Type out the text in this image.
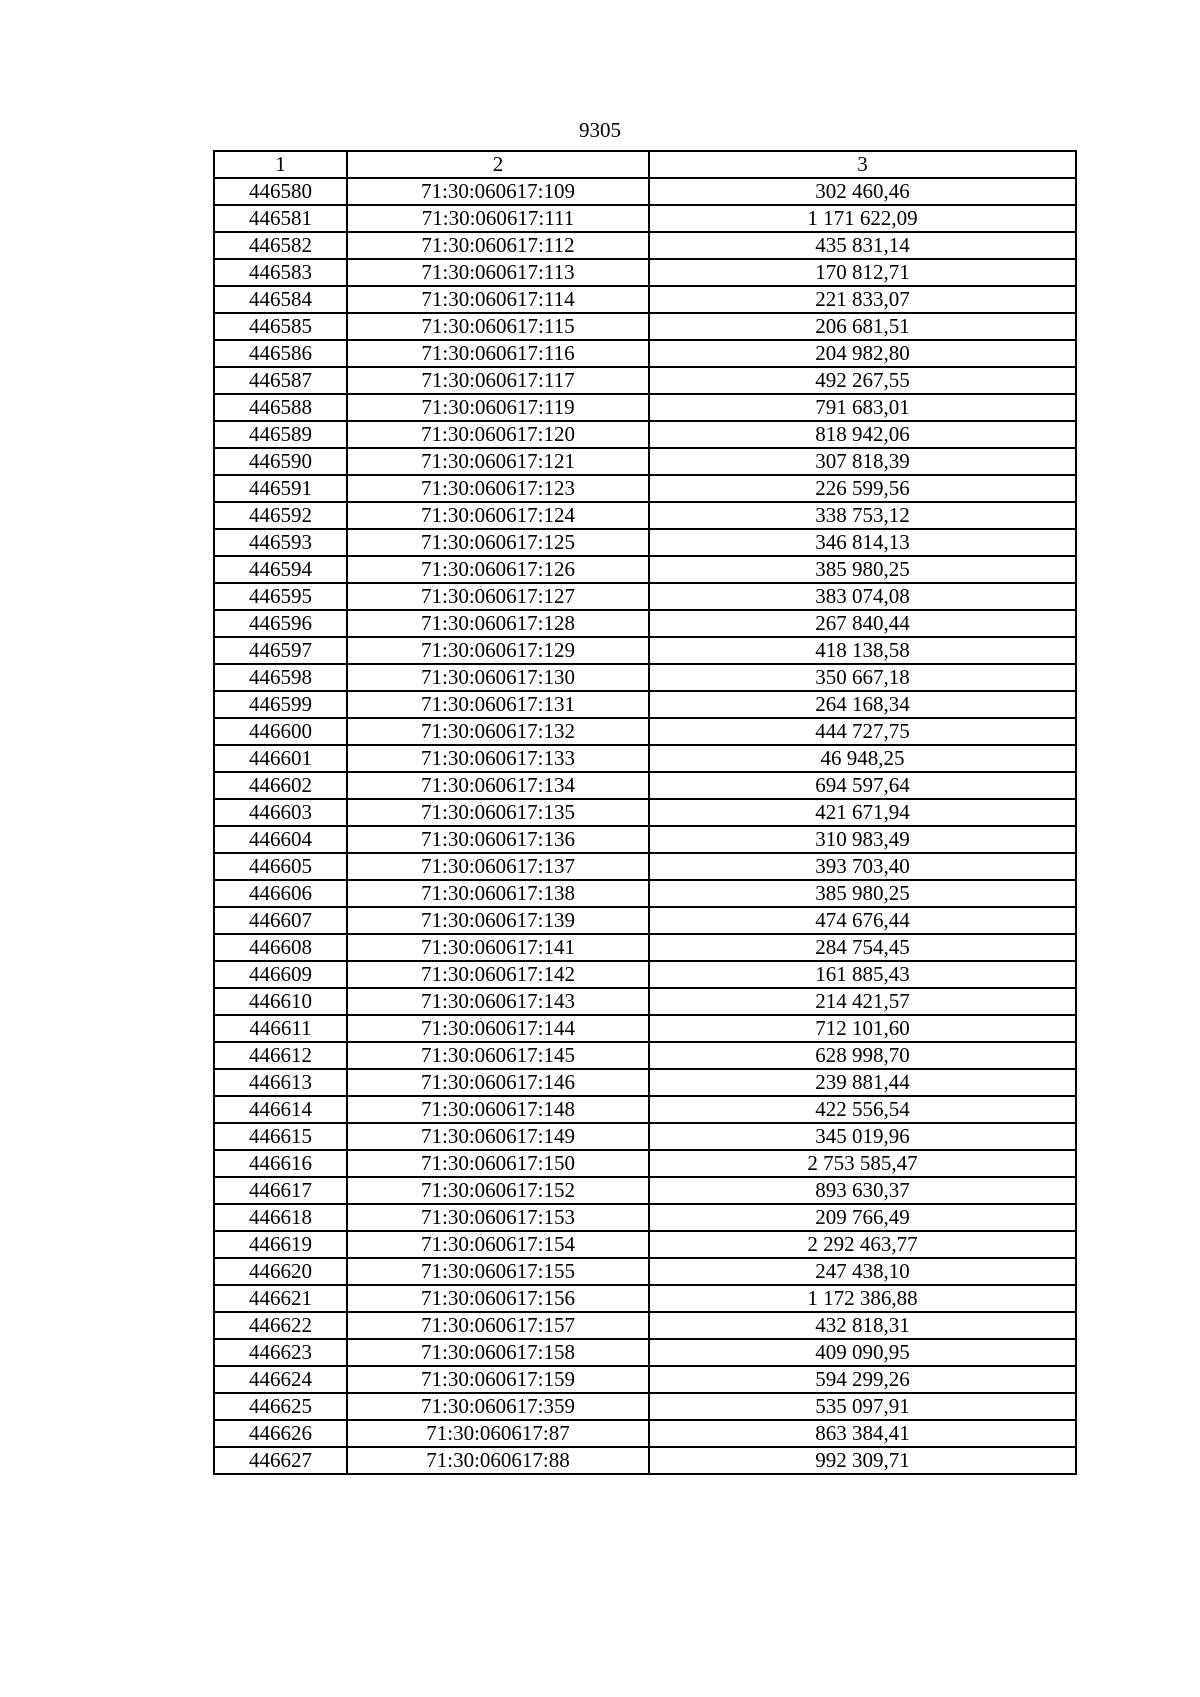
9305
1	2	3
446580	71:30:060617:109	302 460,46
446581	71:30:060617:111	1 171 622,09
446582	71:30:060617:112	435 831,14
446583	71:30:060617:113	170 812,71
446584	71:30:060617:114	221 833,07
446585	71:30:060617:115	206 681,51
446586	71:30:060617:116	204 982,80
446587	71:30:060617:117	492 267,55
446588	71:30:060617:119	791 683,01
446589	71:30:060617:120	818 942,06
446590	71:30:060617:121	307 818,39
446591	71:30:060617:123	226 599,56
446592	71:30:060617:124	338 753,12
446593	71:30:060617:125	346 814,13
446594	71:30:060617:126	385 980,25
446595	71:30:060617:127	383 074,08
446596	71:30:060617:128	267 840,44
446597	71:30:060617:129	418 138,58
446598	71:30:060617:130	350 667,18
446599	71:30:060617:131	264 168,34
446600	71:30:060617:132	444 727,75
446601	71:30:060617:133	46 948,25
446602	71:30:060617:134	694 597,64
446603	71:30:060617:135	421 671,94
446604	71:30:060617:136	310 983,49
446605	71:30:060617:137	393 703,40
446606	71:30:060617:138	385 980,25
446607	71:30:060617:139	474 676,44
446608	71:30:060617:141	284 754,45
446609	71:30:060617:142	161 885,43
446610	71:30:060617:143	214 421,57
446611	71:30:060617:144	712 101,60
446612	71:30:060617:145	628 998,70
446613	71:30:060617:146	239 881,44
446614	71:30:060617:148	422 556,54
446615	71:30:060617:149	345 019,96
446616	71:30:060617:150	2 753 585,47
446617	71:30:060617:152	893 630,37
446618	71:30:060617:153	209 766,49
446619	71:30:060617:154	2 292 463,77
446620	71:30:060617:155	247 438,10
446621	71:30:060617:156	1 172 386,88
446622	71:30:060617:157	432 818,31
446623	71:30:060617:158	409 090,95
446624	71:30:060617:159	594 299,26
446625	71:30:060617:359	535 097,91
446626	71:30:060617:87	863 384,41
446627	71:30:060617:88	992 309,71
